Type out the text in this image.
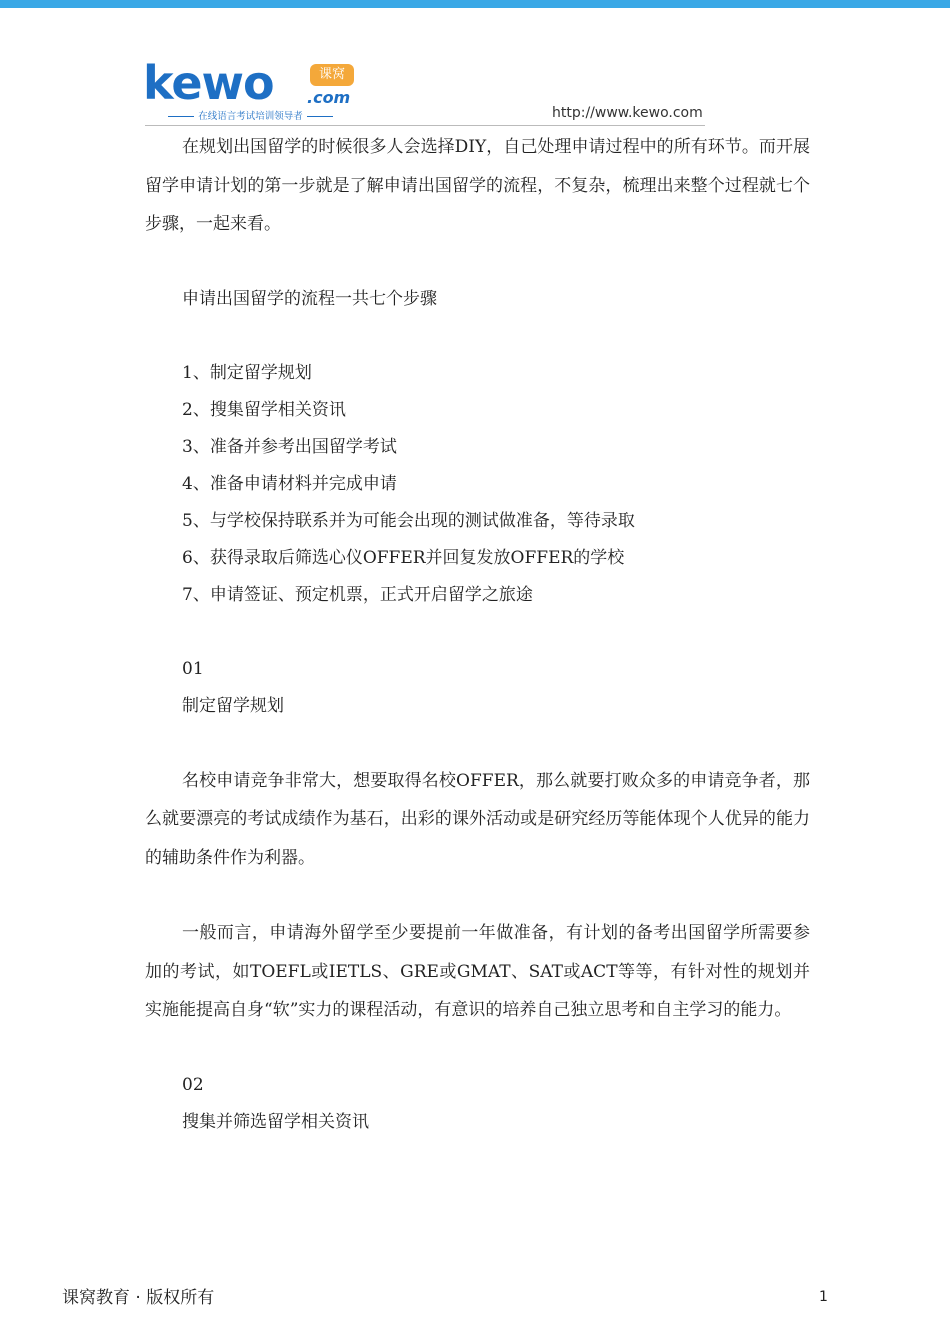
kewo	课窝
.com
在线语言考试培训领导者	http://www.kewo.com

在规划出国留学的时候很多人会选择DIY，自己处理申请过程中的所有环节。而开展留学申请计划的第一步就是了解申请出国留学的流程，不复杂，梳理出来整个过程就七个步骤，一起来看。

申请出国留学的流程一共七个步骤
1、制定留学规划
2、搜集留学相关资讯
3、准备并参考出国留学考试
4、准备申请材料并完成申请
5、与学校保持联系并为可能会出现的测试做准备，等待录取
6、获得录取后筛选心仪OFFER并回复发放OFFER的学校
7、申请签证、预定机票，正式开启留学之旅途
01
制定留学规划

名校申请竞争非常大，想要取得名校OFFER，那么就要打败众多的申请竞争者，那么就要漂亮的考试成绩作为基石，出彩的课外活动或是研究经历等能体现个人优异的能力的辅助条件作为利器。

一般而言，申请海外留学至少要提前一年做准备，有计划的备考出国留学所需要参加的考试，如TOEFL或IETLS、GRE或GMAT、SAT或ACT等等，有针对性的规划并实施能提高自身“软”实力的课程活动，有意识的培养自己独立思考和自主学习的能力。

02
搜集并筛选留学相关资讯
课窝教育 · 版权所有	1
